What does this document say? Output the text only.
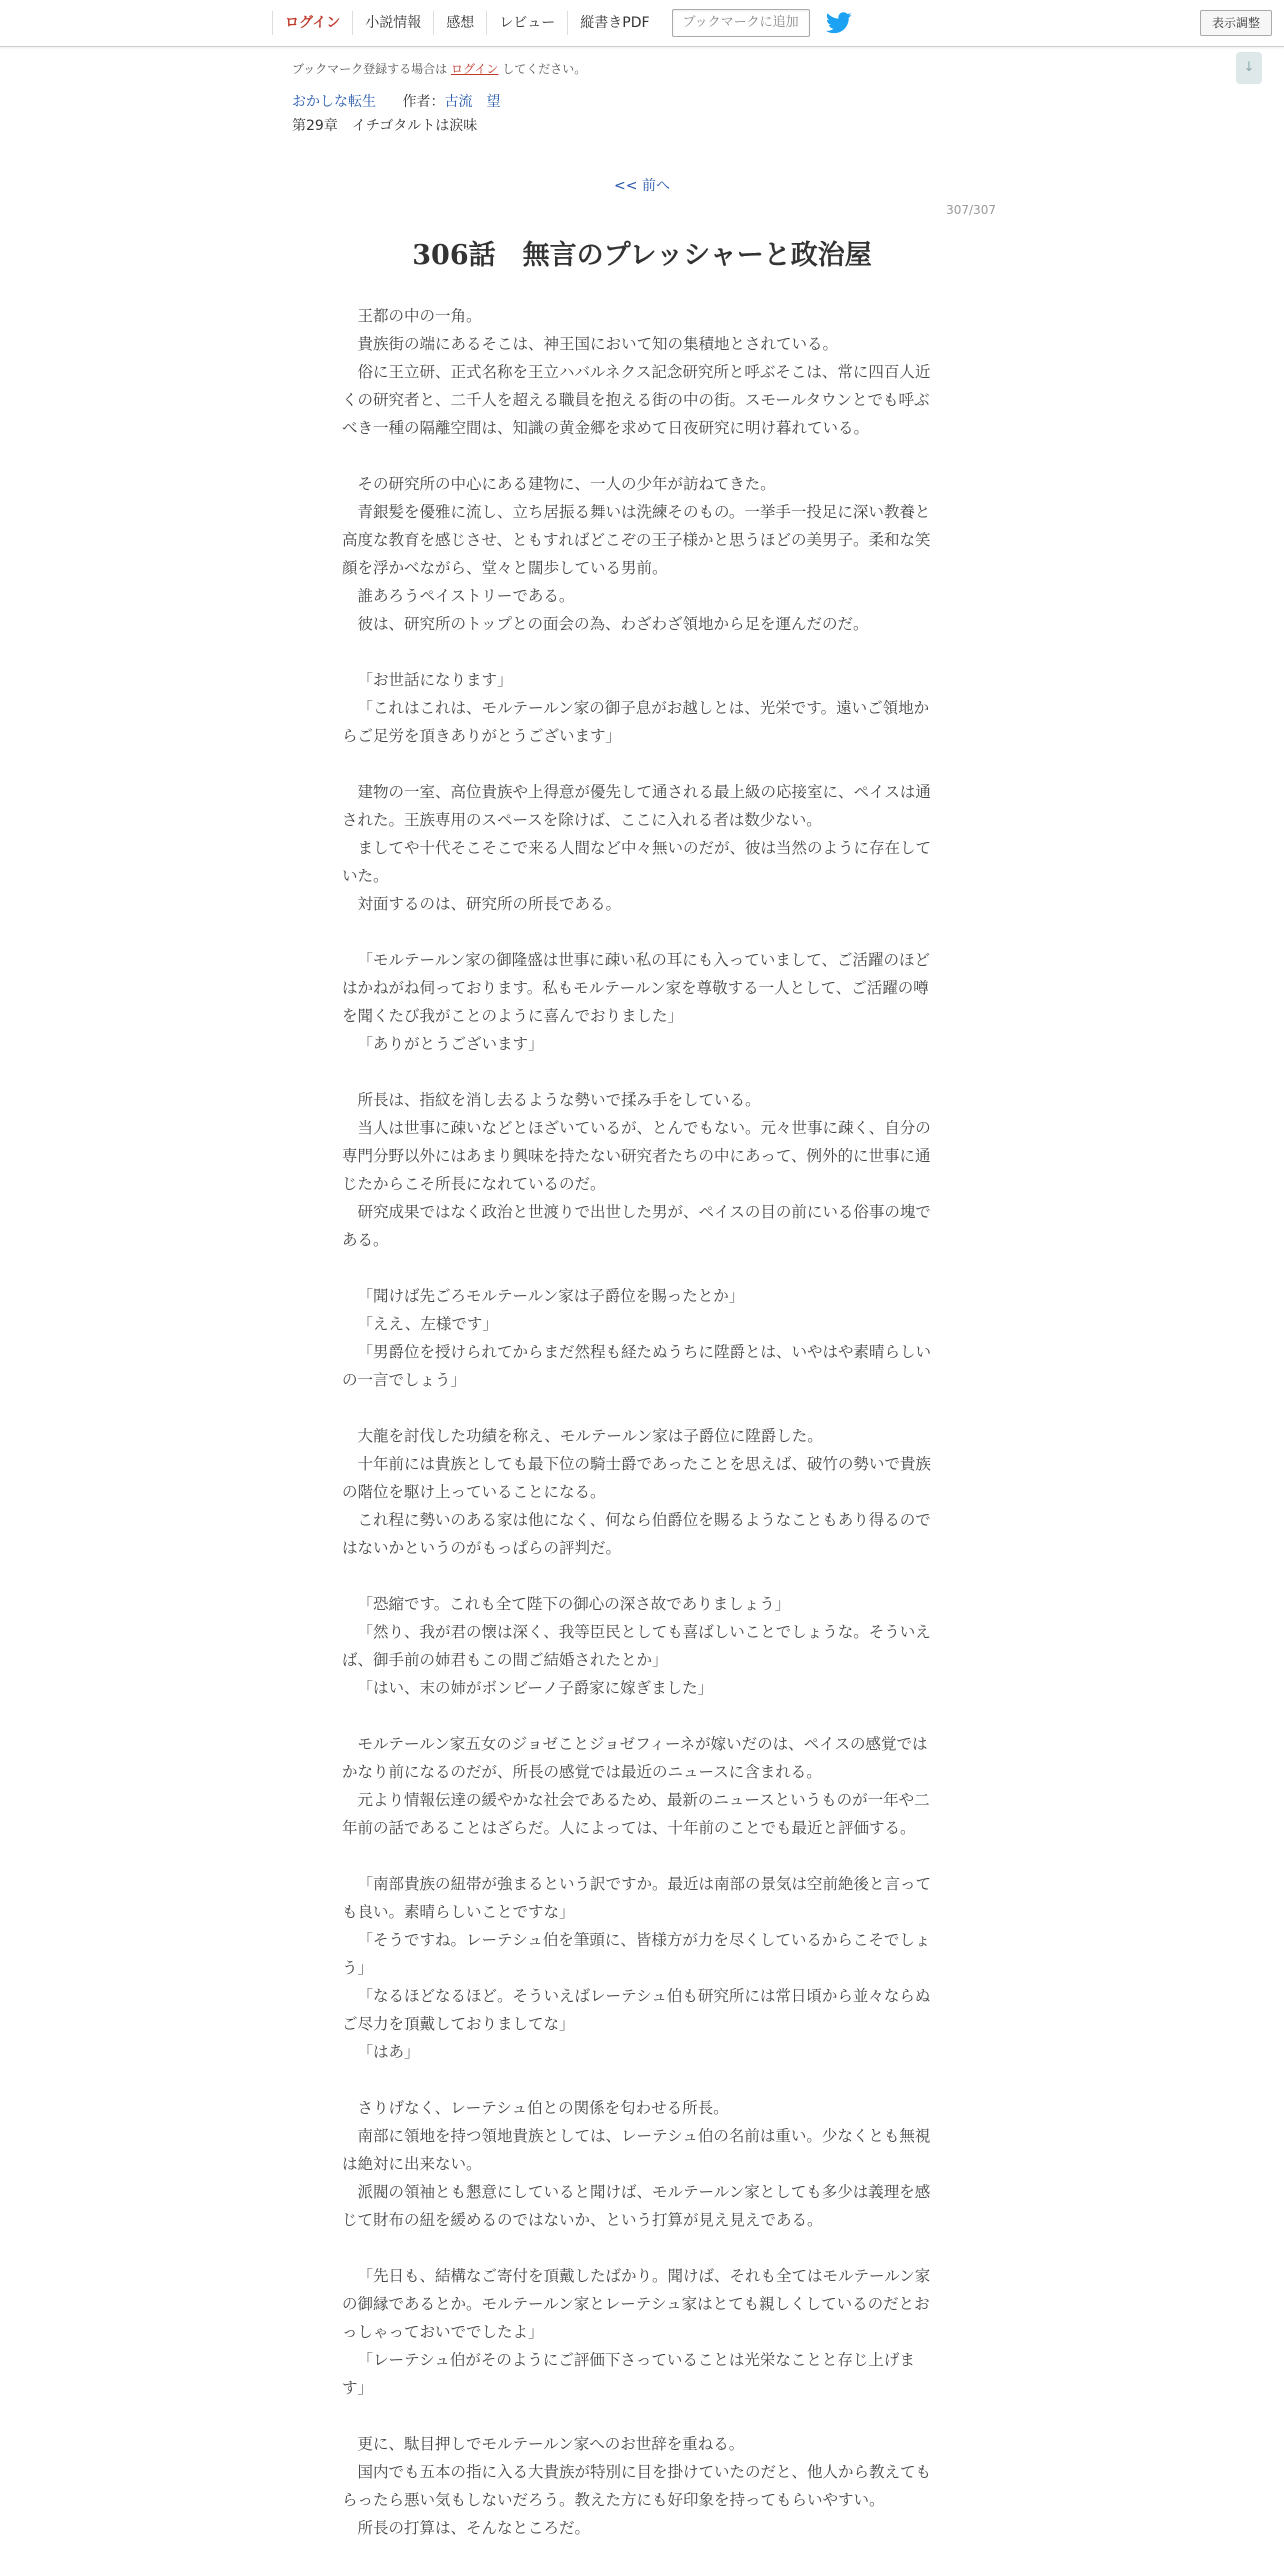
ログイン	小説情報	感想	レビュー	縦書きPDF	ブックマークに追加	表示調整
↓
ブックマーク登録する場合は ログイン してください。
おかしな転生 作者：古流　望
第29章　イチゴタルトは涙味
<< 前へ
307/307
306話　無言のプレッシャーと政治屋

王都の中の一角。

貴族街の端にあるそこは、神王国において知の集積地とされている。

俗に王立研、正式名称を王立ハバルネクス記念研究所と呼ぶそこは、常に四百人近くの研究者と、二千人を超える職員を抱える街の中の街。スモールタウンとでも呼ぶべき一種の隔離空間は、知識の黄金郷を求めて日夜研究に明け暮れている。

その研究所の中心にある建物に、一人の少年が訪ねてきた。

青銀髪を優雅に流し、立ち居振る舞いは洗練そのもの。一挙手一投足に深い教養と高度な教育を感じさせ、ともすればどこぞの王子様かと思うほどの美男子。柔和な笑顔を浮かべながら、堂々と闊歩している男前。

誰あろうペイストリーである。

彼は、研究所のトップとの面会の為、わざわざ領地から足を運んだのだ。

「お世話になります」

「これはこれは、モルテールン家の御子息がお越しとは、光栄です。遠いご領地からご足労を頂きありがとうございます」

建物の一室、高位貴族や上得意が優先して通される最上級の応接室に、ペイスは通された。王族専用のスペースを除けば、ここに入れる者は数少ない。

ましてや十代そこそこで来る人間など中々無いのだが、彼は当然のように存在していた。

対面するのは、研究所の所長である。

「モルテールン家の御隆盛は世事に疎い私の耳にも入っていまして、ご活躍のほどはかねがね伺っております。私もモルテールン家を尊敬する一人として、ご活躍の噂を聞くたび我がことのように喜んでおりました」

「ありがとうございます」

所長は、指紋を消し去るような勢いで揉み手をしている。

当人は世事に疎いなどとほざいているが、とんでもない。元々世事に疎く、自分の専門分野以外にはあまり興味を持たない研究者たちの中にあって、例外的に世事に通じたからこそ所長になれているのだ。

研究成果ではなく政治と世渡りで出世した男が、ペイスの目の前にいる俗事の塊である。

「聞けば先ごろモルテールン家は子爵位を賜ったとか」

「ええ、左様です」

「男爵位を授けられてからまだ然程も経たぬうちに陞爵とは、いやはや素晴らしいの一言でしょう」

大龍を討伐した功績を称え、モルテールン家は子爵位に陞爵した。

十年前には貴族としても最下位の騎士爵であったことを思えば、破竹の勢いで貴族の階位を駆け上っていることになる。

これ程に勢いのある家は他になく、何なら伯爵位を賜るようなこともあり得るのではないかというのがもっぱらの評判だ。

「恐縮です。これも全て陛下の御心の深さ故でありましょう」

「然り、我が君の懐は深く、我等臣民としても喜ばしいことでしょうな。そういえば、御手前の姉君もこの間ご結婚されたとか」

「はい、末の姉がボンビーノ子爵家に嫁ぎました」

モルテールン家五女のジョゼことジョゼフィーネが嫁いだのは、ペイスの感覚ではかなり前になるのだが、所長の感覚では最近のニュースに含まれる。

元より情報伝達の緩やかな社会であるため、最新のニュースというものが一年や二年前の話であることはざらだ。人によっては、十年前のことでも最近と評価する。

「南部貴族の紐帯が強まるという訳ですか。最近は南部の景気は空前絶後と言っても良い。素晴らしいことですな」

「そうですね。レーテシュ伯を筆頭に、皆様方が力を尽くしているからこそでしょう」

「なるほどなるほど。そういえばレーテシュ伯も研究所には常日頃から並々ならぬご尽力を頂戴しておりましてな」

「はあ」

さりげなく、レーテシュ伯との関係を匂わせる所長。

南部に領地を持つ領地貴族としては、レーテシュ伯の名前は重い。少なくとも無視は絶対に出来ない。

派閥の領袖とも懇意にしていると聞けば、モルテールン家としても多少は義理を感じて財布の紐を緩めるのではないか、という打算が見え見えである。

「先日も、結構なご寄付を頂戴したばかり。聞けば、それも全てはモルテールン家の御縁であるとか。モルテールン家とレーテシュ家はとても親しくしているのだとおっしゃっておいででしたよ」

「レーテシュ伯がそのようにご評価下さっていることは光栄なことと存じ上げます」

更に、駄目押しでモルテールン家へのお世辞を重ねる。

国内でも五本の指に入る大貴族が特別に目を掛けていたのだと、他人から教えてもらったら悪い気もしないだろう。教えた方にも好印象を持ってもらいやすい。

所長の打算は、そんなところだ。
